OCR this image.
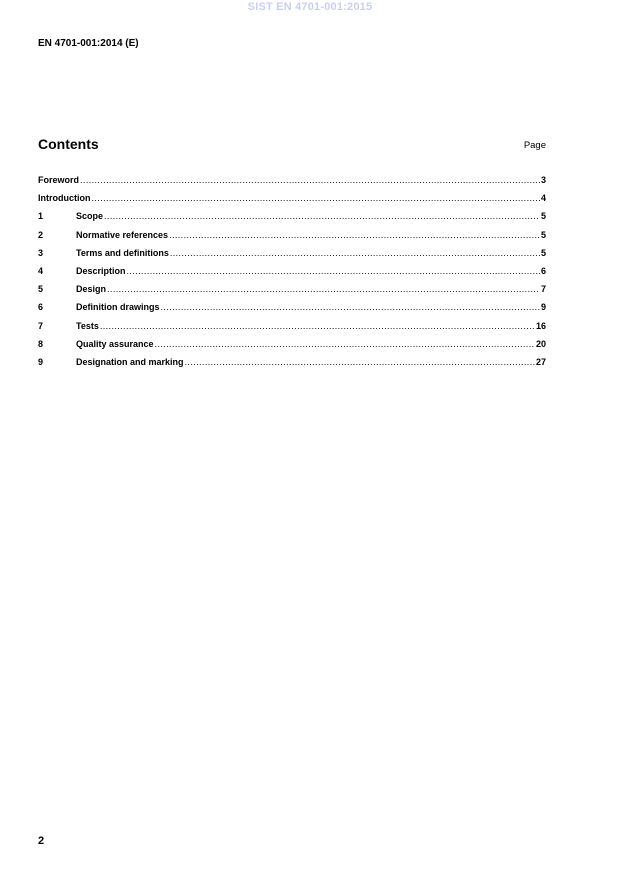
SIST EN 4701-001:2015
EN 4701-001:2014 (E)
Contents	Page
Foreword .....	3
Introduction .....	4
1	Scope .....	5
2	Normative references .....	5
3	Terms and definitions .....	5
4	Description .....	6
5	Design .....	7
6	Definition drawings .....	9
7	Tests .....	16
8	Quality assurance .....	20
9	Designation and marking .....	27
2
